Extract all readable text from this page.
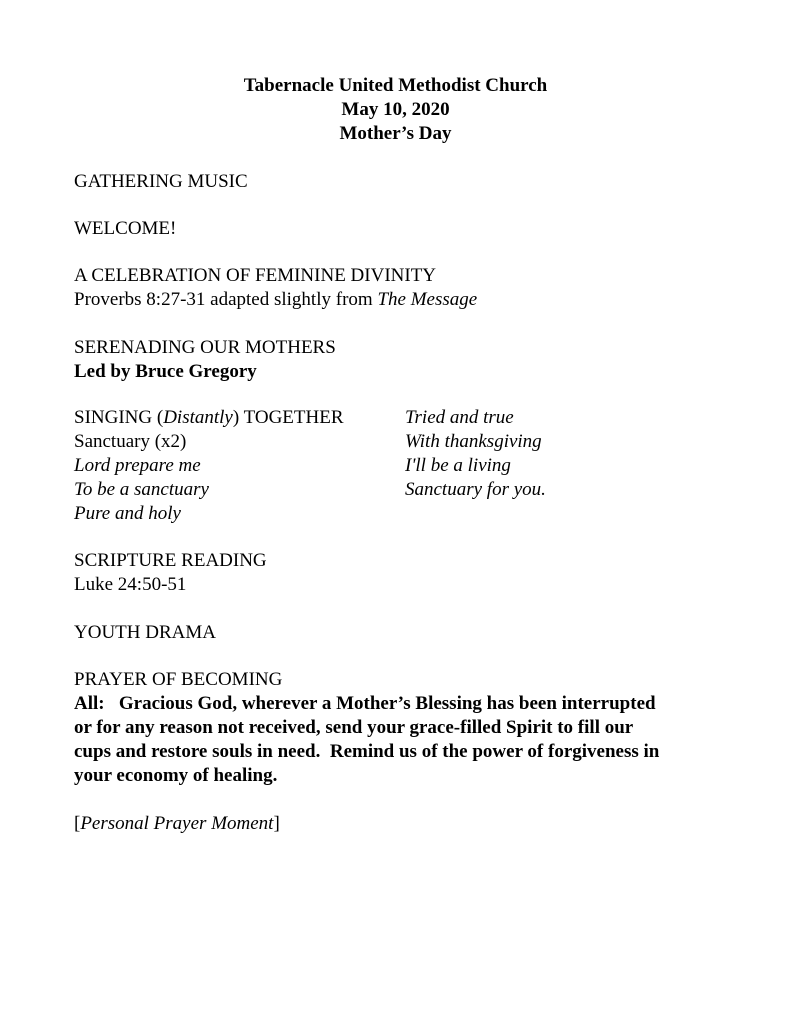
Tabernacle United Methodist Church
May 10, 2020
Mother’s Day
GATHERING MUSIC
WELCOME!
A CELEBRATION OF FEMININE DIVINITY
Proverbs 8:27-31 adapted slightly from The Message
SERENADING OUR MOTHERS
Led by Bruce Gregory
SINGING (Distantly) TOGETHER
Sanctuary (x2)
Lord prepare me
To be a sanctuary
Pure and holy
Tried and true
With thanksgiving
I'll be a living
Sanctuary for you.
SCRIPTURE READING
Luke 24:50-51
YOUTH DRAMA
PRAYER OF BECOMING
All:   Gracious God, wherever a Mother’s Blessing has been interrupted
or for any reason not received, send your grace-filled Spirit to fill our
cups and restore souls in need.  Remind us of the power of forgiveness in
your economy of healing.
[Personal Prayer Moment]
